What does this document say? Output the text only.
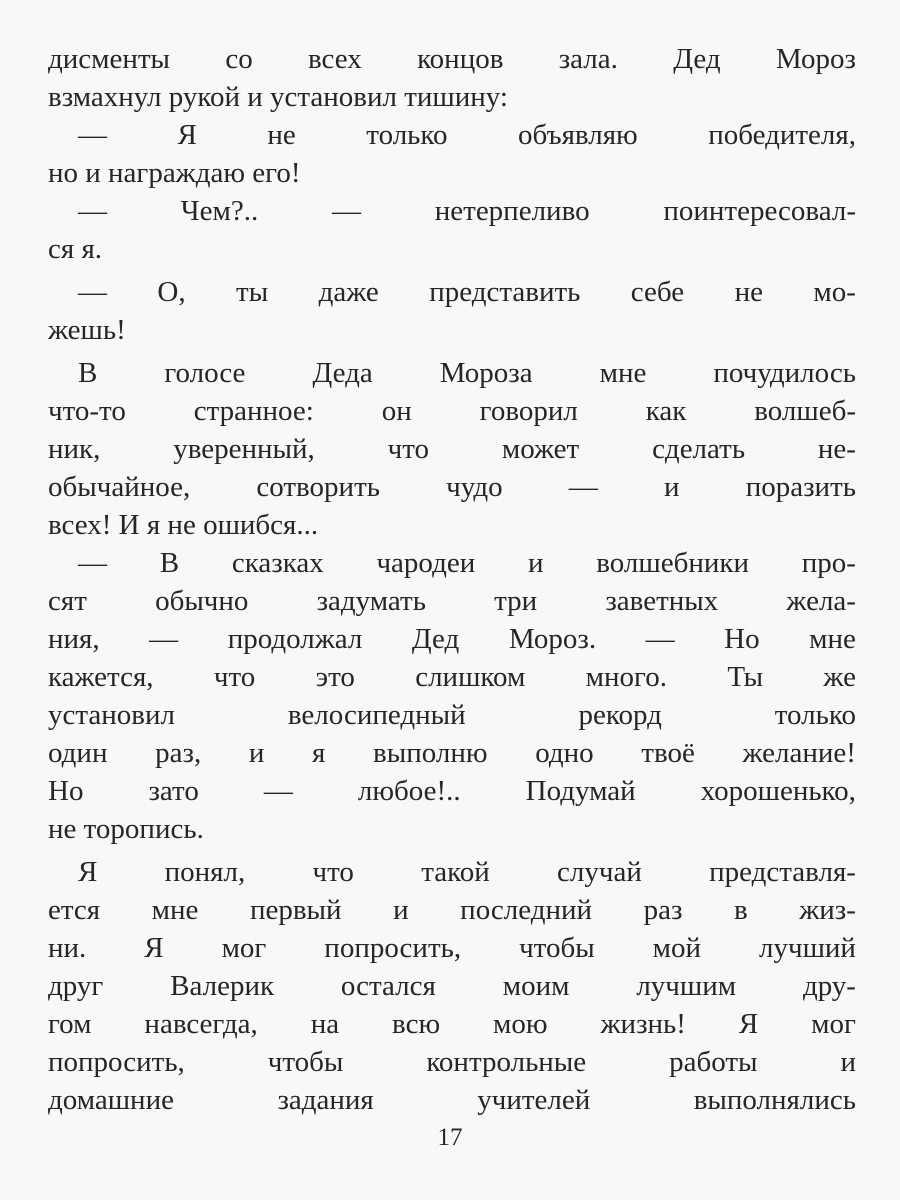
дисменты со всех концов зала. Дед Мороз
взмахнул рукой и установил тишину:
— Я не только объявляю победителя,
но и награждаю его!
—	Чем?..	—	нетерпеливо	поинтересовал-
ся я.
— О, ты даже представить себе не мо-
жешь!
В голосе Деда Мороза мне почудилось
что-то странное: он говорил как волшеб-
ник,	уверенный,	что	может	сделать	не-
обычайное, сотворить чудо — и поразить
всех! И я не ошибся...
— В сказках чародеи и волшебники про-
сят обычно задумать три заветных жела-
ния, — продолжал Дед Мороз. — Но мне
кажется, что это слишком много. Ты же
установил	велосипедный	рекорд	только
один раз, и я выполню одно твоё желание!
Но зато — любое!.. Подумай хорошенько,
не торопись.
Я понял, что такой случай представля-
ется мне первый и последний раз в жиз-
ни. Я мог попросить, чтобы мой лучший
друг Валерик остался моим лучшим дру-
гом навсегда, на всю мою жизнь! Я мог
попросить,	чтобы	контрольные	работы	и
домашние	задания	учителей	выполнялись
17
